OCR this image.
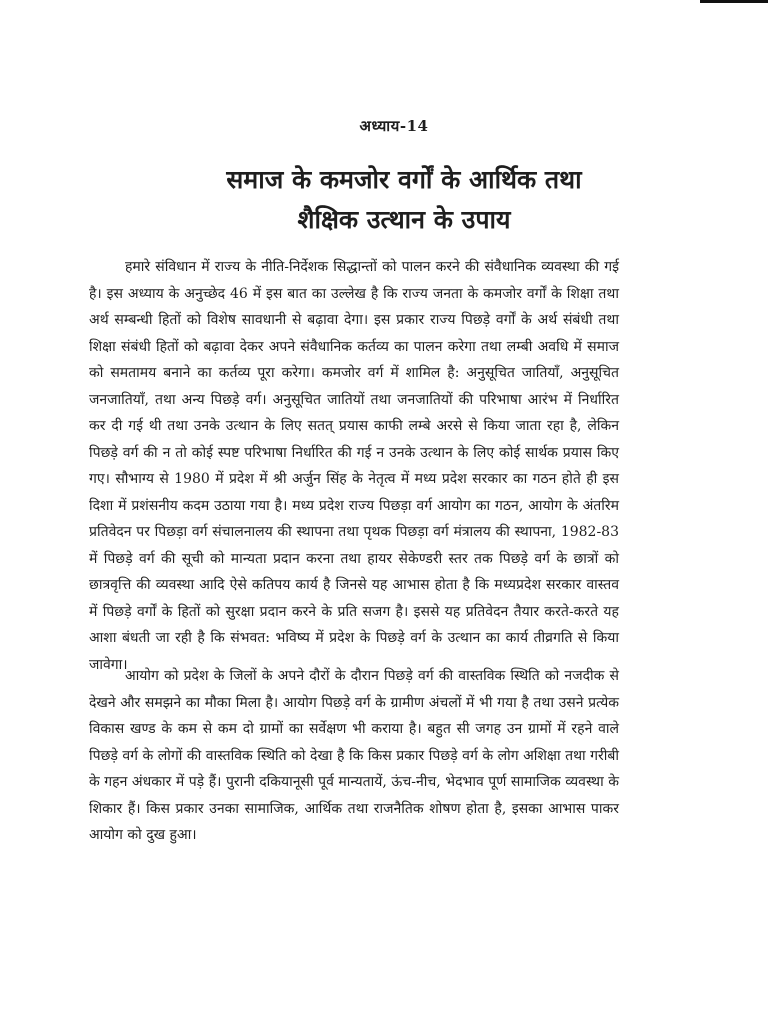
अध्याय-14
समाज के कमजोर वर्गों के आर्थिक तथा
शैक्षिक उत्थान के उपाय

हमारे संविधान में राज्य के नीति-निर्देशक सिद्धान्तों को पालन करने की संवैधानिक व्यवस्था की गई है। इस अध्याय के अनुच्छेद 46 में इस बात का उल्लेख है कि राज्य जनता के कमजोर वर्गों के शिक्षा तथा अर्थ सम्बन्धी हितों को विशेष सावधानी से बढ़ावा देगा। इस प्रकार राज्य पिछड़े वर्गों के अर्थ संबंधी तथा शिक्षा संबंधी हितों को बढ़ावा देकर अपने संवैधानिक कर्तव्य का पालन करेगा तथा लम्बी अवधि में समाज को समतामय बनाने का कर्तव्य पूरा करेगा। कमजोर वर्ग में शामिल है: अनुसूचित जातियाँ, अनुसूचित जनजातियाँ, तथा अन्य पिछड़े वर्ग। अनुसूचित जातियों तथा जनजातियों की परिभाषा आरंभ में निर्धारित कर दी गई थी तथा उनके उत्थान के लिए सतत् प्रयास काफी लम्बे अरसे से किया जाता रहा है, लेकिन पिछड़े वर्ग की न तो कोई स्पष्ट परिभाषा निर्धारित की गई न उनके उत्थान के लिए कोई सार्थक प्रयास किए गए। सौभाग्य से 1980 में प्रदेश में श्री अर्जुन सिंह के नेतृत्व में मध्य प्रदेश सरकार का गठन होते ही इस दिशा में प्रशंसनीय कदम उठाया गया है। मध्य प्रदेश राज्य पिछड़ा वर्ग आयोग का गठन, आयोग के अंतरिम प्रतिवेदन पर पिछड़ा वर्ग संचालनालय की स्थापना तथा पृथक पिछड़ा वर्ग मंत्रालय की स्थापना, 1982-83 में पिछड़े वर्ग की सूची को मान्यता प्रदान करना तथा हायर सेकेण्डरी स्तर तक पिछड़े वर्ग के छात्रों को छात्रवृत्ति की व्यवस्था आदि ऐसे कतिपय कार्य है जिनसे यह आभास होता है कि मध्यप्रदेश सरकार वास्तव में पिछड़े वर्गों के हितों को सुरक्षा प्रदान करने के प्रति सजग है। इससे यह प्रतिवेदन तैयार करते-करते यह आशा बंधती जा रही है कि संभवत: भविष्य में प्रदेश के पिछड़े वर्ग के उत्थान का कार्य तीव्रगति से किया जावेगा।

आयोग को प्रदेश के जिलों के अपने दौरों के दौरान पिछड़े वर्ग की वास्तविक स्थिति को नजदीक से देखने और समझने का मौका मिला है। आयोग पिछड़े वर्ग के ग्रामीण अंचलों में भी गया है तथा उसने प्रत्येक विकास खण्ड के कम से कम दो ग्रामों का सर्वेक्षण भी कराया है। बहुत सी जगह उन ग्रामों में रहने वाले पिछड़े वर्ग के लोगों की वास्तविक स्थिति को देखा है कि किस प्रकार पिछड़े वर्ग के लोग अशिक्षा तथा गरीबी के गहन अंधकार में पड़े हैं। पुरानी दकियानूसी पूर्व मान्यतायें, ऊंच-नीच, भेदभाव पूर्ण सामाजिक व्यवस्था के शिकार हैं। किस प्रकार उनका सामाजिक, आर्थिक तथा राजनैतिक शोषण होता है, इसका आभास पाकर आयोग को दुख हुआ।
